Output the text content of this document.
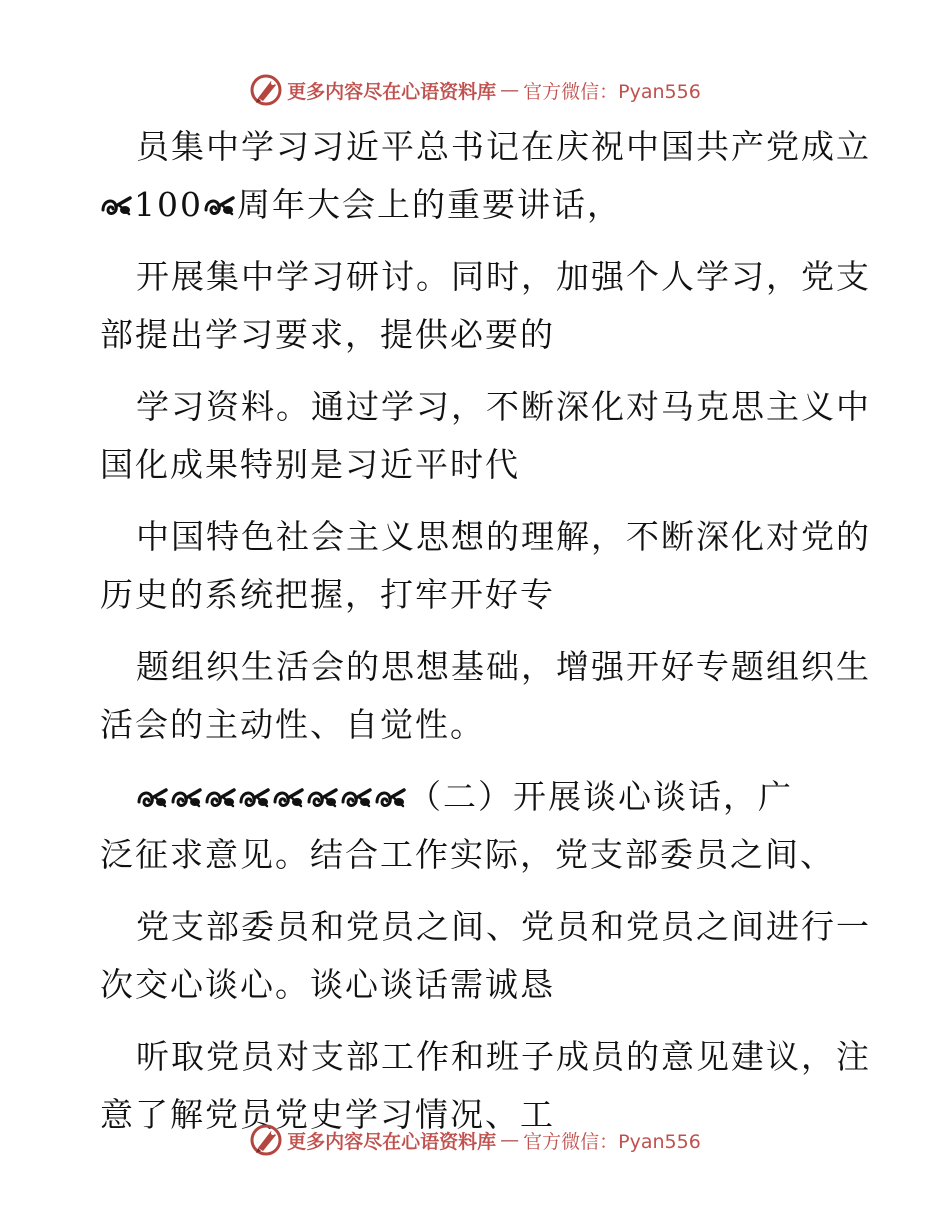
更多内容尽在心语资料库 — 官方微信：Pyan556
员集中学习习近平总书记在庆祝中国共产党成立
100 周年大会上的重要讲话，
开展集中学习研讨。同时，加强个人学习，党支
部提出学习要求，提供必要的
学习资料。通过学习，不断深化对马克思主义中
国化成果特别是习近平时代
中国特色社会主义思想的理解，不断深化对党的
历史的系统把握，打牢开好专
题组织生活会的思想基础，增强开好专题组织生
活会的主动性、自觉性。
（二）开展谈心谈话，广
泛征求意见。结合工作实际，党支部委员之间、
党支部委员和党员之间、党员和党员之间进行一
次交心谈心。谈心谈话需诚恳
听取党员对支部工作和班子成员的意见建议，注
意了解党员党史学习情况、工
更多内容尽在心语资料库 — 官方微信：Pyan556
